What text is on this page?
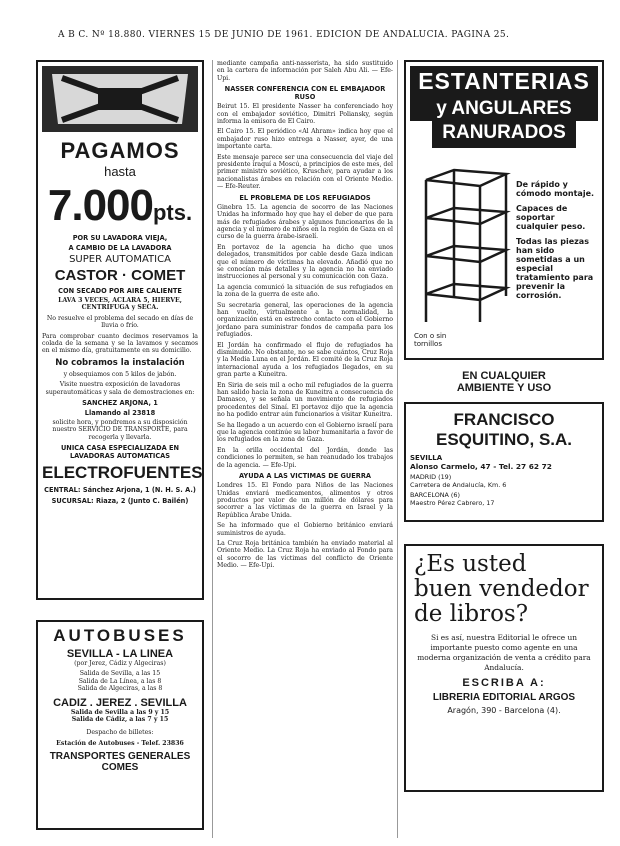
A B C. Nº 18.880. VIERNES 15 DE JUNIO DE 1961. EDICION DE ANDALUCIA. PAGINA 25.
PAGAMOS
hasta
7.000pts.
POR SU LAVADORA VIEJA,
A CAMBIO DE LA LAVADORA
SUPER AUTOMATICA
CASTOR · COMET
CON SECADO POR AIRE CALIENTE

LAVA 3 VECES, ACLARA 5, HIERVE, CENTRIFUGA y SECA.

No resuelve el problema del secado en días de lluvia o frío.

Para comprobar cuanto decimos reservamos la colada de la semana y se la lavamos y secamos en el mismo día, gratuitamente en su domicilio.

No cobramos la instalación

y obsequiamos con 5 kilos de jabón.

Visite nuestra exposición de lavadoras superautomáticas y sala de demostraciones en:

SANCHEZ ARJONA, 1
Llamando al 23818

solicite hora, y pondremos a su disposición nuestro SERVICIO DE TRANSPORTE, para recogerla y llevarla.

UNICA CASA ESPECIALIZADA EN LAVADORAS AUTOMATICAS
ELECTROFUENTES
CENTRAL: Sánchez Arjona, 1 (N. H. S. A.)
SUCURSAL: Riaza, 2 (Junto C. Bailén)
AUTOBUSES
SEVILLA - LA LINEA
(por Jerez, Cádiz y Algeciras)
Salida de Sevilla, a las 15
Salida de La Línea, a las 8
Salida de Algeciras, a las 8
CADIZ . JEREZ . SEVILLA
Salida de Sevilla a las 9 y 15
Salida de Cádiz, a las 7 y 15
Despacho de billetes:
Estación de Autobuses - Telef. 23836
TRANSPORTES GENERALES COMES

mediante campaña anti-nasserista, ha sido sustituido en la cartera de información por Saleh Abu Ali. — Efe-Upi.

NASSER CONFERENCIA CON EL EMBAJADOR RUSO

Beirut 15. El presidente Nasser ha conferenciado hoy con el embajador soviético, Dimitri Poliansky, según informa la emisora de El Cairo.

El Cairo 15. El periódico «Al Ahram» indica hoy que el embajador ruso hizo entrega a Nasser, ayer, de una importante carta.

Este mensaje parece ser una consecuencia del viaje del presidente iraquí a Moscú, a principios de este mes, del primer ministro soviético, Kruschev, para ayudar a los nacionalistas árabes en relación con el Oriente Medio. — Efe-Reuter.

EL PROBLEMA DE LOS REFUGIADOS

Ginebra 15. La agencia de socorro de las Naciones Unidas ha informado hoy que hay el deber de que para más de refugiados árabes y algunos funcionarios de la agencia y el número de niños en la región de Gaza en el curso de la guerra árabe-israelí.

En portavoz de la agencia ha dicho que unos delegados, transmitidos por cable desde Gaza indican que el número de víctimas ha elevado. Añadió que no se conocían más detalles y la agencia no ha enviado instrucciones al personal y su comunicación con Gaza.

La agencia comunicó la situación de sus refugiados en la zona de la guerra de este año.

Su secretaria general, las operaciones de la agencia han vuelto, virtualmente a la normalidad, la organización está en estrecho contacto con el Gobierno jordano para suministrar fondos de campaña para los refugiados.

El Jordán ha confirmado el flujo de refugiados ha disminuido. No obstante, no se sabe cuántos, Cruz Roja y la Media Luna en el Jordán. El comité de la Cruz Roja internacional ayuda a los refugiados llegados, en su gran parte a Kuneitra.

En Siria de seis mil a ocho mil refugiados de la guerra han salido hacia la zona de Kuneitra a consecuencia de Damasco, y se señala un movimiento de refugiados procedentes del Sinaí. El portavoz dijo que la agencia no ha podido entrar aún funcionarios a visitar Kuneitra.

Se ha llegado a un acuerdo con el Gobierno israelí para que la agencia continúe su labor humanitaria a favor de los refugiados en la zona de Gaza.

En la orilla occidental del Jordán, donde las condiciones lo permiten, se han reanudado los trabajos de la agencia. — Efe-Upi.

AYUDA A LAS VICTIMAS DE GUERRA

Londres 15. El Fondo para Niños de las Naciones Unidas enviará medicamentos, alimentos y otros productos por valor de un millón de dólares para socorrer a las víctimas de la guerra en Israel y la República Árabe Unida.

Se ha informado que el Gobierno británico enviará suministros de ayuda.

La Cruz Roja británica también ha enviado material al Oriente Medio. La Cruz Roja ha enviado al Fondo para el socorro de las víctimas del conflicto de Oriente Medio. — Efe-Upi.

ESTANTERIAS
y ANGULARES
RANURADOS
De rápido y cómodo montaje.
Capaces de soportar cualquier peso.
Todas las piezas han sido sometidas a un especial tratamiento para prevenir la corrosión.
Con o sin tornillos
EN CUALQUIER
AMBIENTE Y USO
FRANCISCO
ESQUITINO, S.A.
SEVILLA
Alonso Carmelo, 47 - Tel. 27 62 72
MADRID (19)
Carretera de Andalucía, Km. 6
BARCELONA (6)
Maestro Pérez Cabrero, 17
¿Es usted
buen vendedor
de libros?

Si es así, nuestra Editorial le ofrece un importante puesto como agente en una moderna organización de venta a crédito para Andalucía.

ESCRIBA A:
LIBRERIA EDITORIAL ARGOS
Aragón, 390 - Barcelona (4).
